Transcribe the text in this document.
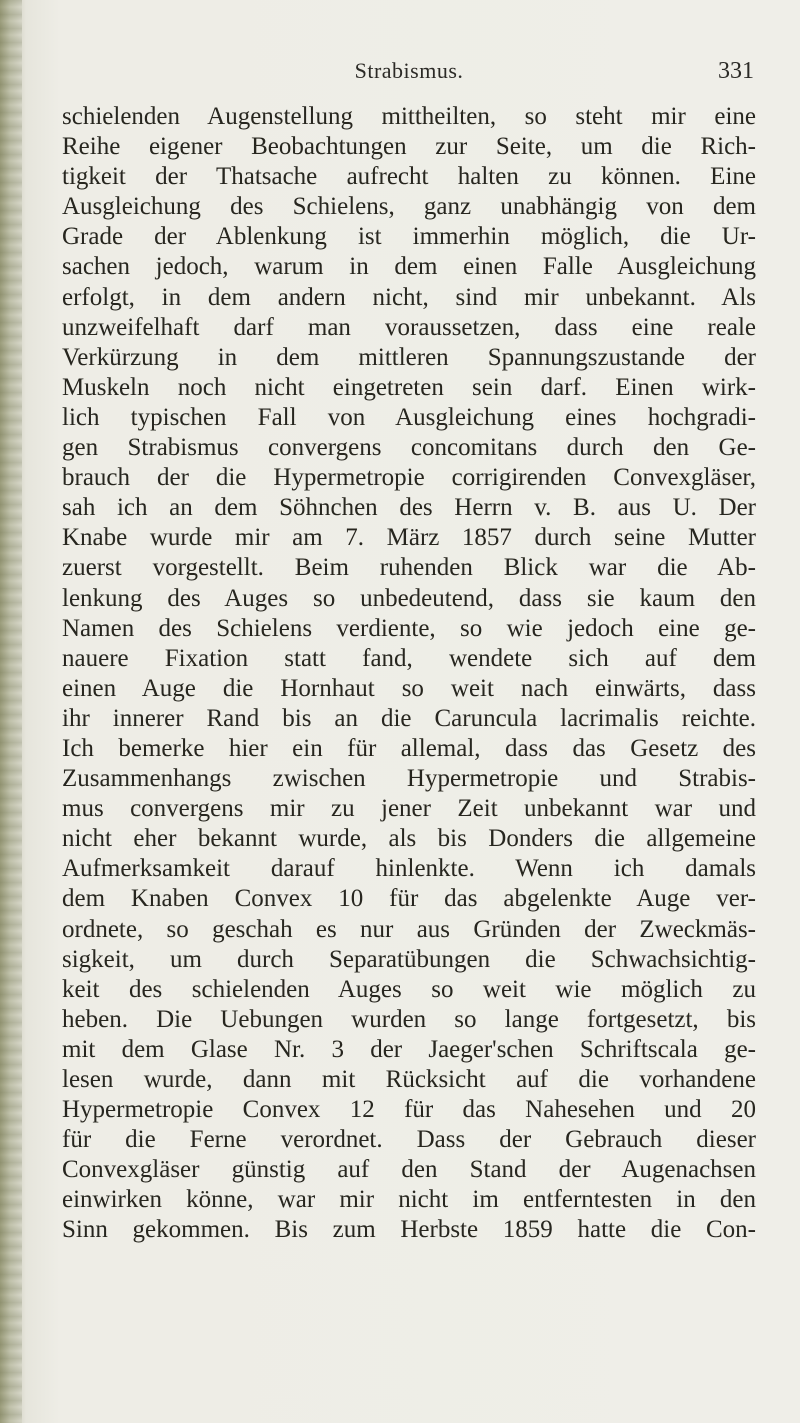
Strabismus.	331
schielenden Augenstellung mittheilten, so steht mir eine
Reihe eigener Beobachtungen zur Seite, um die Rich-
tigkeit der Thatsache aufrecht halten zu können. Eine
Ausgleichung des Schielens, ganz unabhängig von dem
Grade der Ablenkung ist immerhin möglich, die Ur-
sachen jedoch, warum in dem einen Falle Ausgleichung
erfolgt, in dem andern nicht, sind mir unbekannt. Als
unzweifelhaft darf man voraussetzen, dass eine reale
Verkürzung in dem mittleren Spannungszustande der
Muskeln noch nicht eingetreten sein darf. Einen wirk-
lich typischen Fall von Ausgleichung eines hochgradi-
gen Strabismus convergens concomitans durch den Ge-
brauch der die Hypermetropie corrigirenden Convexgläser,
sah ich an dem Söhnchen des Herrn v. B. aus U. Der
Knabe wurde mir am 7. März 1857 durch seine Mutter
zuerst vorgestellt. Beim ruhenden Blick war die Ab-
lenkung des Auges so unbedeutend, dass sie kaum den
Namen des Schielens verdiente, so wie jedoch eine ge-
nauere Fixation statt fand, wendete sich auf dem
einen Auge die Hornhaut so weit nach einwärts, dass
ihr innerer Rand bis an die Caruncula lacrimalis reichte.
Ich bemerke hier ein für allemal, dass das Gesetz des
Zusammenhangs zwischen Hypermetropie und Strabis-
mus convergens mir zu jener Zeit unbekannt war und
nicht eher bekannt wurde, als bis Donders die allgemeine
Aufmerksamkeit darauf hinlenkte. Wenn ich damals
dem Knaben Convex 10 für das abgelenkte Auge ver-
ordnete, so geschah es nur aus Gründen der Zweckmäs-
sigkeit, um durch Separatübungen die Schwachsichtig-
keit des schielenden Auges so weit wie möglich zu
heben. Die Uebungen wurden so lange fortgesetzt, bis
mit dem Glase Nr. 3 der Jaeger'schen Schriftscala ge-
lesen wurde, dann mit Rücksicht auf die vorhandene
Hypermetropie Convex 12 für das Nahesehen und 20
für die Ferne verordnet. Dass der Gebrauch dieser
Convexgläser günstig auf den Stand der Augenachsen
einwirken könne, war mir nicht im entferntesten in den
Sinn gekommen. Bis zum Herbste 1859 hatte die Con-
